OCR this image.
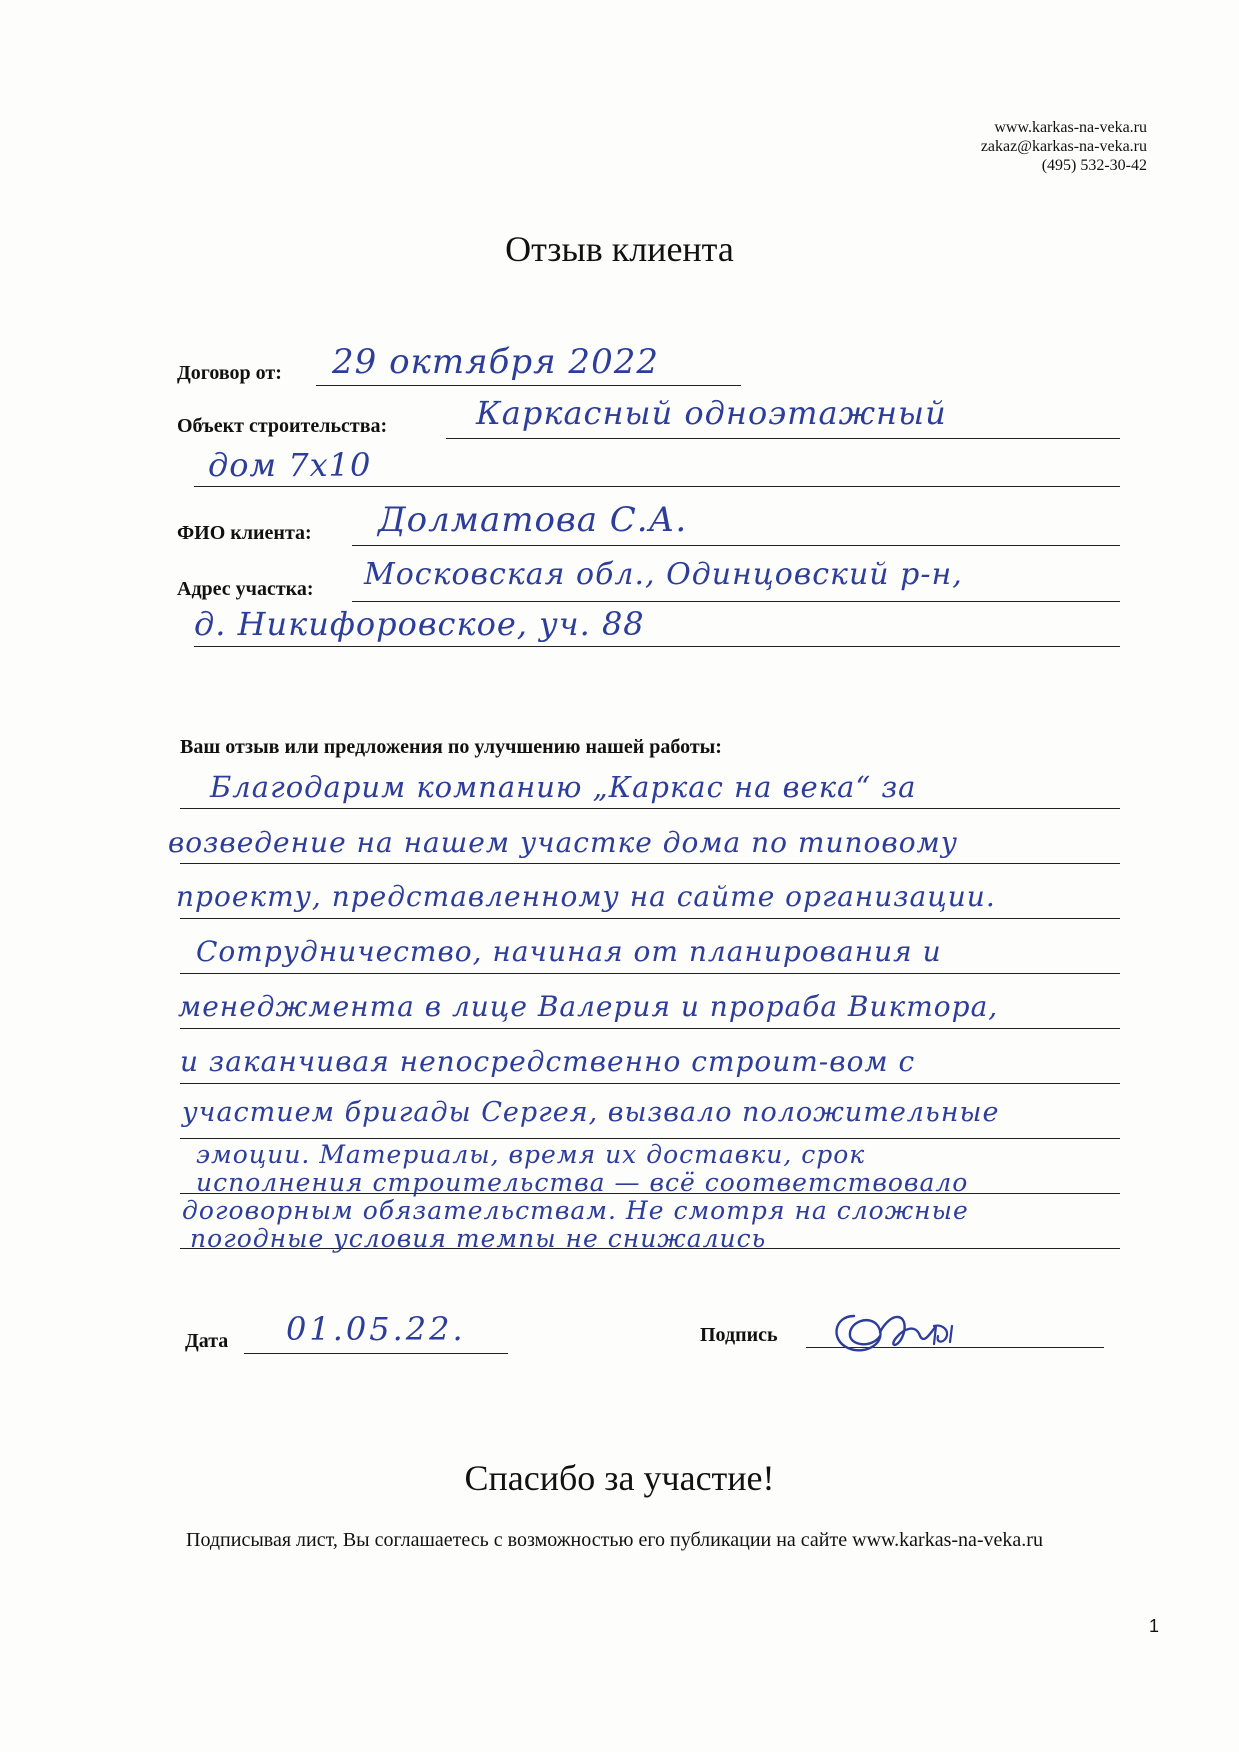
www.karkas-na-veka.ru
zakaz@karkas-na-veka.ru
(495) 532-30-42
Отзыв клиента
Договор от: 29 октября 2022
Объект строительства:	Каркасный одноэтажный
дом 7х10
ФИО клиента: Долматова С.А.
Адрес участка: Московская обл., Одинцовский р-н,
д. Никифоровское, уч. 88
Ваш отзыв или предложения по улучшению нашей работы:
Благодарим компанию „Каркас на века“ за
возведение на нашем участке дома по типовому
проекту, представленному на сайте организации.
Сотрудничество, начиная от планирования и
менеджмента в лице Валерия и прораба Виктора,
и заканчивая непосредственно строит-вом с
участием бригады Сергея, вызвало положительные
эмоции. Материалы, время их доставки, срок
исполнения строительства — всё соответствовало
договорным обязательствам. Не смотря на сложные
погодные условия темпы не снижались
Дата 01.05.22.	Подпись
Спасибо за участие!
Подписывая лист, Вы соглашаетесь с возможностью его публикации на сайте www.karkas-na-veka.ru
1
